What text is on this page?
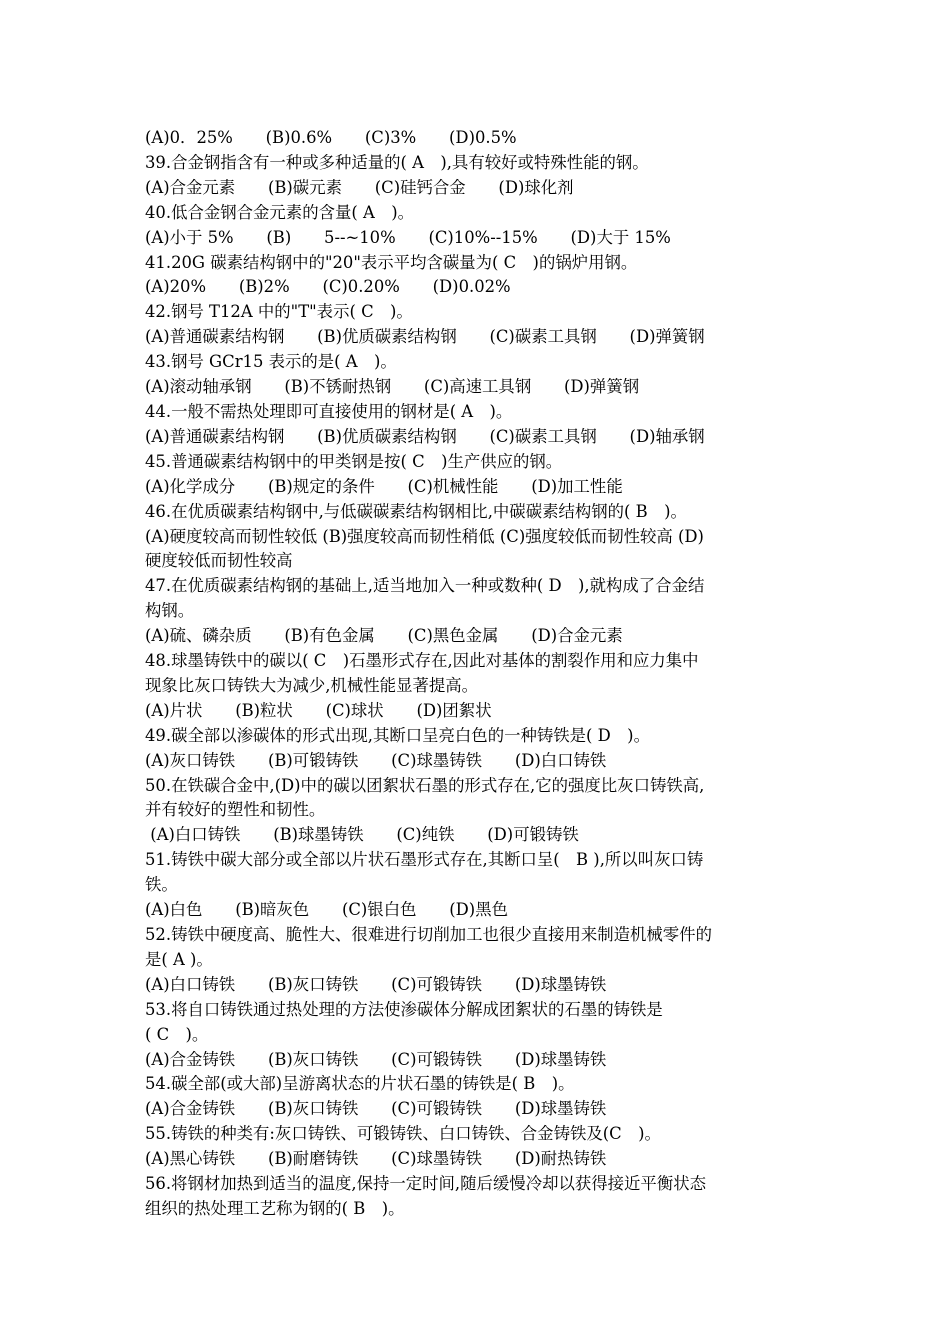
(A)0．25%　　(B)0.6%　　(C)3%　　(D)0.5%
39.合金钢指含有一种或多种适量的( A　),具有较好或特殊性能的钢。
(A)合金元素　　(B)碳元素　　(C)硅钙合金　　(D)球化剂
40.低合金钢合金元素的含量( A　)。
(A)小于 5%　　(B)　　5--~10%　　(C)10%--15%　　(D)大于 15%
41.20G 碳素结构钢中的"20"表示平均含碳量为( C　)的锅炉用钢。
(A)20%　　(B)2%　　(C)0.20%　　(D)0.02%
42.钢号 T12A 中的"T"表示( C　)。
(A)普通碳素结构钢　　(B)优质碳素结构钢　　(C)碳素工具钢　　(D)弹簧钢
43.钢号 GCr15 表示的是( A　)。
(A)滚动轴承钢　　(B)不锈耐热钢　　(C)高速工具钢　　(D)弹簧钢
44.一般不需热处理即可直接使用的钢材是( A　)。
(A)普通碳素结构钢　　(B)优质碳素结构钢　　(C)碳素工具钢　　(D)轴承钢
45.普通碳素结构钢中的甲类钢是按( C　)生产供应的钢。
(A)化学成分　　(B)规定的条件　　(C)机械性能　　(D)加工性能
46.在优质碳素结构钢中,与低碳碳素结构钢相比,中碳碳素结构钢的( B　)。
(A)硬度较高而韧性较低 (B)强度较高而韧性稍低 (C)强度较低而韧性较高 (D)
硬度较低而韧性较高
47.在优质碳素结构钢的基础上,适当地加入一种或数种( D　),就构成了合金结
构钢。
(A)硫、磷杂质　　(B)有色金属　　(C)黑色金属　　(D)合金元素
48.球墨铸铁中的碳以( C　)石墨形式存在,因此对基体的割裂作用和应力集中
现象比灰口铸铁大为减少,机械性能显著提高。
(A)片状　　(B)粒状　　(C)球状　　(D)团絮状
49.碳全部以渗碳体的形式出现,其断口呈亮白色的一种铸铁是( D　)。
(A)灰口铸铁　　(B)可锻铸铁　　(C)球墨铸铁　　(D)白口铸铁
50.在铁碳合金中,(D)中的碳以团絮状石墨的形式存在,它的强度比灰口铸铁高,
并有较好的塑性和韧性。
(A)白口铸铁　　(B)球墨铸铁　　(C)纯铁　　(D)可锻铸铁
51.铸铁中碳大部分或全部以片状石墨形式存在,其断口呈(　B ),所以叫灰口铸
铁。
(A)白色　　(B)暗灰色　　(C)银白色　　(D)黑色
52.铸铁中硬度高、脆性大、很难进行切削加工也很少直接用来制造机械零件的
是( A )。
(A)白口铸铁　　(B)灰口铸铁　　(C)可锻铸铁　　(D)球墨铸铁
53.将自口铸铁通过热处理的方法使渗碳体分解成团絮状的石墨的铸铁是
( C　)。
(A)合金铸铁　　(B)灰口铸铁　　(C)可锻铸铁　　(D)球墨铸铁
54.碳全部(或大部)呈游离状态的片状石墨的铸铁是( B　)。
(A)合金铸铁　　(B)灰口铸铁　　(C)可锻铸铁　　(D)球墨铸铁
55.铸铁的种类有:灰口铸铁、可锻铸铁、白口铸铁、合金铸铁及(C　)。
(A)黑心铸铁　　(B)耐磨铸铁　　(C)球墨铸铁　　(D)耐热铸铁
56.将钢材加热到适当的温度,保持一定时间,随后缓慢冷却以获得接近平衡状态
组织的热处理工艺称为钢的( B　)。
